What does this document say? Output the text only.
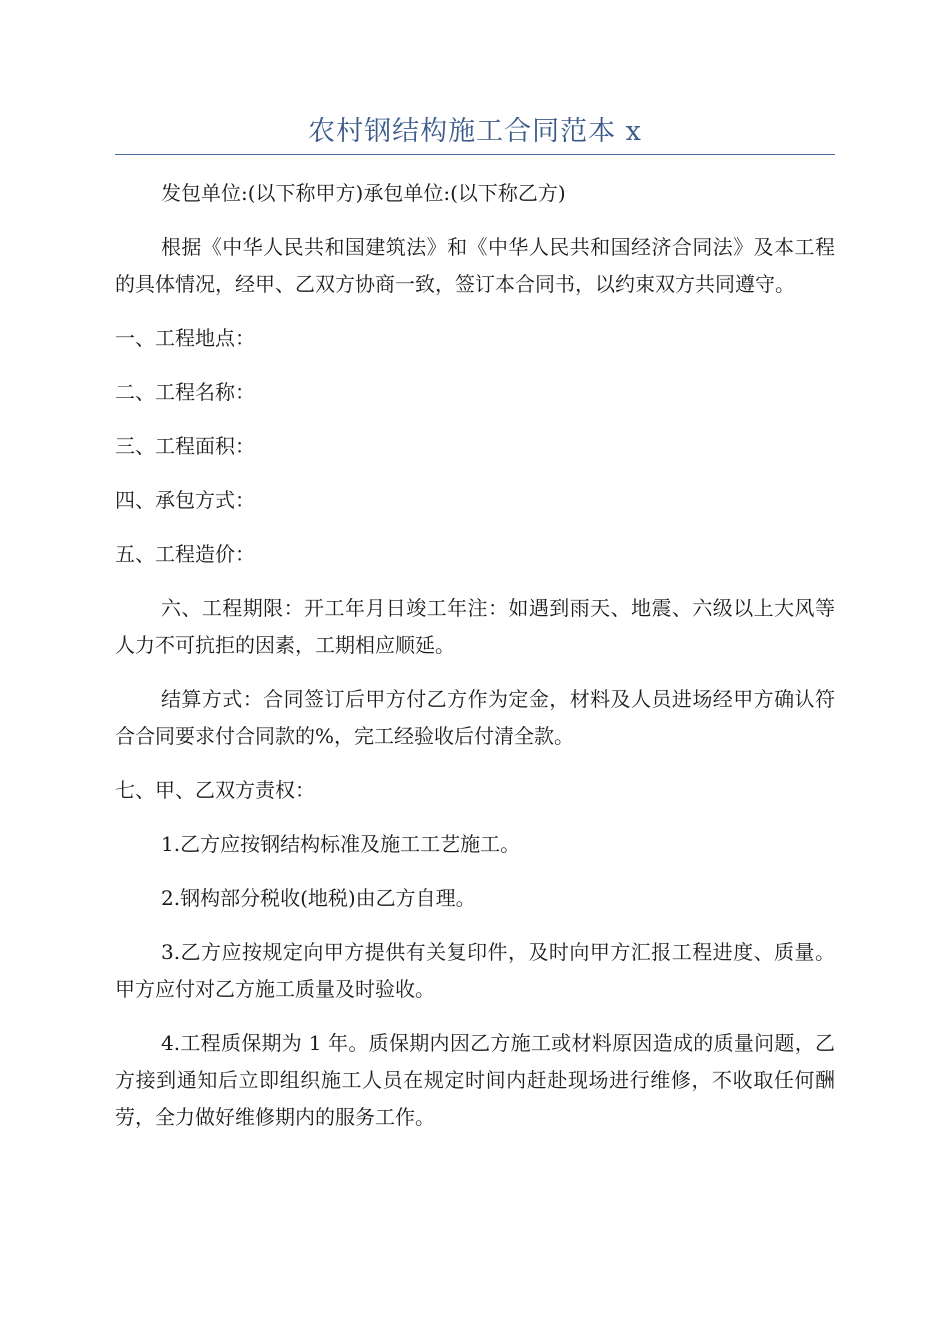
农村钢结构施工合同范本 x

发包单位:(以下称甲方)承包单位:(以下称乙方)

根据《中华人民共和国建筑法》和《中华人民共和国经济合同法》及本工程的具体情况，经甲、乙双方协商一致，签订本合同书，以约束双方共同遵守。

一、工程地点：

二、工程名称：

三、工程面积：

四、承包方式：

五、工程造价：

六、工程期限：开工年月日竣工年注：如遇到雨天、地震、六级以上大风等人力不可抗拒的因素，工期相应顺延。

结算方式：合同签订后甲方付乙方作为定金，材料及人员进场经甲方确认符合合同要求付合同款的%，完工经验收后付清全款。

七、甲、乙双方责权：

1.乙方应按钢结构标准及施工工艺施工。

2.钢构部分税收(地税)由乙方自理。

3.乙方应按规定向甲方提供有关复印件，及时向甲方汇报工程进度、质量。甲方应付对乙方施工质量及时验收。

4.工程质保期为 1 年。质保期内因乙方施工或材料原因造成的质量问题，乙方接到通知后立即组织施工人员在规定时间内赶赴现场进行维修，不收取任何酬劳，全力做好维修期内的服务工作。
